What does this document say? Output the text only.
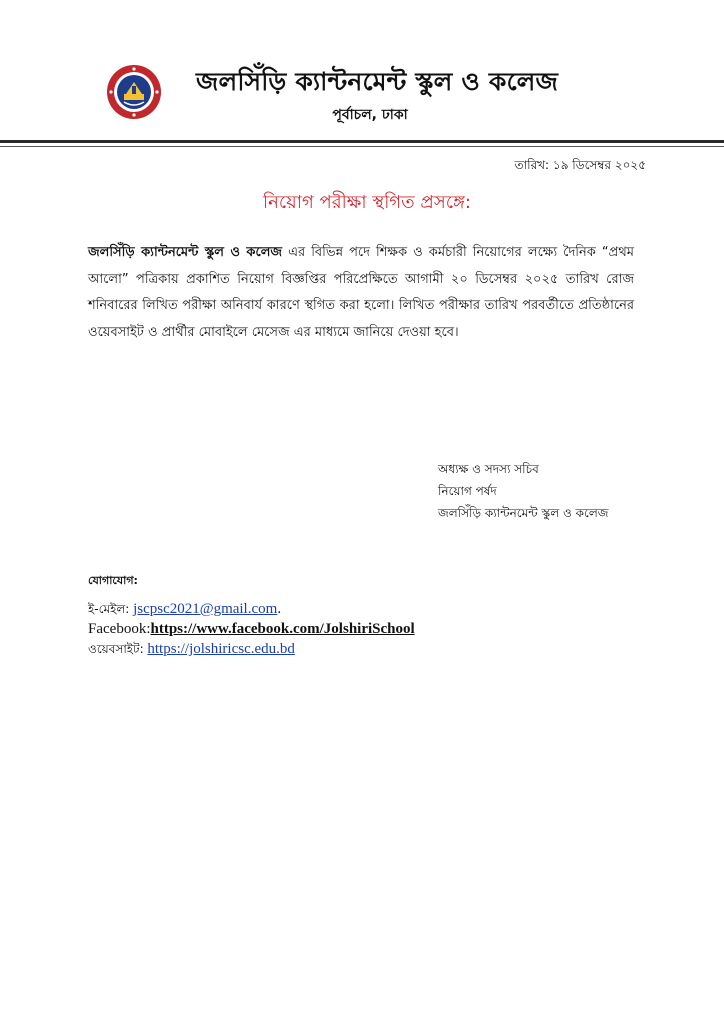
জলসিঁড়ি ক্যান্টনমেন্ট স্কুল ও কলেজ
পূর্বাচল, ঢাকা
তারিখ: ১৯ ডিসেম্বর ২০২৫
নিয়োগ পরীক্ষা স্থগিত প্রসঙ্গে:
জলসিঁড়ি ক্যান্টনমেন্ট স্কুল ও কলেজ এর বিভিন্ন পদে শিক্ষক ও কর্মচারী নিয়োগের লক্ষ্যে দৈনিক “প্রথম আলো” পত্রিকায় প্রকাশিত নিয়োগ বিজ্ঞপ্তির পরিপ্রেক্ষিতে আগামী ২০ ডিসেম্বর ২০২৫ তারিখ রোজ শনিবারের লিখিত পরীক্ষা অনিবার্য কারণে স্থগিত করা হলো। লিখিত পরীক্ষার তারিখ পরবর্তীতে প্রতিষ্ঠানের ওয়েবসাইট ও প্রার্থীর মোবাইলে মেসেজ এর মাধ্যমে জানিয়ে দেওয়া হবে।
অধ্যক্ষ ও সদস্য সচিব
নিয়োগ পর্ষদ
জলসিঁড়ি ক্যান্টনমেন্ট স্কুল ও কলেজ
যোগাযোগ:
ই-মেইল: jscpsc2021@gmail.com.
Facebook:https://www.facebook.com/JolshiriSchool
ওয়েবসাইট: https://jolshiricsc.edu.bd
